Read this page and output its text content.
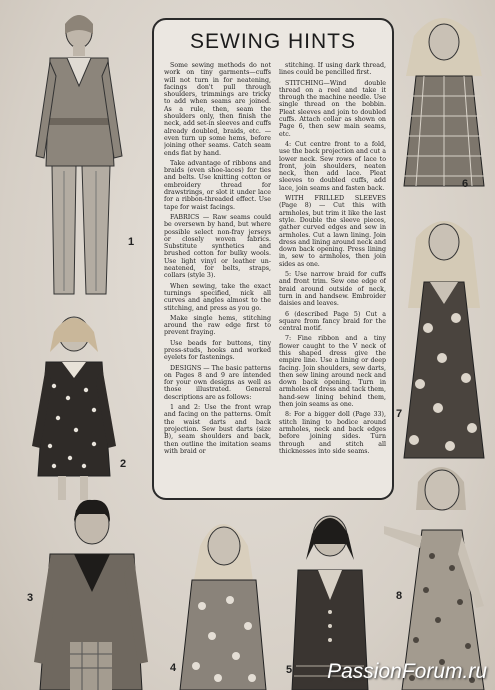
1
2
3
4
6
7
8
SEWING HINTS

Some sewing methods do not work on tiny garments—cuffs will not turn in for neatening, facings don't pull through shoulders, trimmings are tricky to add when seams are joined. As a rule, then, seam the shoulders only, then finish the neck, add set-in sleeves and cuffs already doubled, braids, etc. —even turn up some hems, before joining other seams. Catch seam ends flat by hand.

Take advantage of ribbons and braids (even shoe-laces) for ties and belts. Use knitting cotton or embroidery thread for drawstrings, or slot it under lace for a ribbon-threaded effect. Use tape for waist facings.

FABRICS — Raw seams could be oversewn by hand, but where possible select non-fray jerseys or closely woven fabrics. Substitute synthetics and brushed cotton for bulky wools. Use light vinyl or leather un-neatened, for belts, straps, collars (style 3).

When sewing, take the exact turnings specified, nick all curves and angles almost to the stitching, and press as you go.

Make single hems, stitching around the raw edge first to prevent fraying.

Use beads for buttons, tiny press-studs, hooks and worked eyelets for fastenings.

DESIGNS — The basic patterns on Pages 8 and 9 are intended for your own designs as well as those illustrated. General descriptions are as follows:

1 and 2: Use the front wrap and facing on the patterns. Omit the waist darts and back projection. Sew bust darts (size B), seam shoulders and back, then outline the imitation seams with braid or

stitching. If using dark thread, lines could be pencilled first.

STITCHING—Wind double thread on a reel and take it through the machine needle. Use single thread on the bobbin. Pleat sleeves and join to doubled cuffs. Attach collar as shown on Page 6, then sew main seams, etc.

4: Cut centre front to a fold, use the back projection and cut a lower neck. Sew rows of lace to front, join shoulders, neaten neck, then add lace. Pleat sleeves to doubled cuffs, add lace, join seams and fasten back.

WITH FRILLED SLEEVES (Page 8) — Cut this with armholes, but trim it like the last style. Double the sleeve pieces, gather curved edges and sew in armholes. Cut a lawn lining. Join dress and lining around neck and down back opening. Press lining in, sew to armholes, then join sides as one.

5: Use narrow braid for cuffs and front trim. Sew one edge of braid around outside of neck, turn in and handsew. Embroider daisies and leaves.

6 (described Page 5) Cut a square from fancy braid for the central motif.

7: Fine ribbon and a tiny flower caught to the V neck of this shaped dress give the empire line. Use a lining or deep facing. Join shoulders, sew darts, then sew lining around neck and down back opening. Turn in armholes of dress and tack them, hand-sew lining behind them, then join seams as one.

8: For a bigger doll (Page 33), stitch lining to bodice around armholes, neck and back edges before joining sides. Turn through and stitch all thicknesses into side seams.

5 PassionForum.ru
